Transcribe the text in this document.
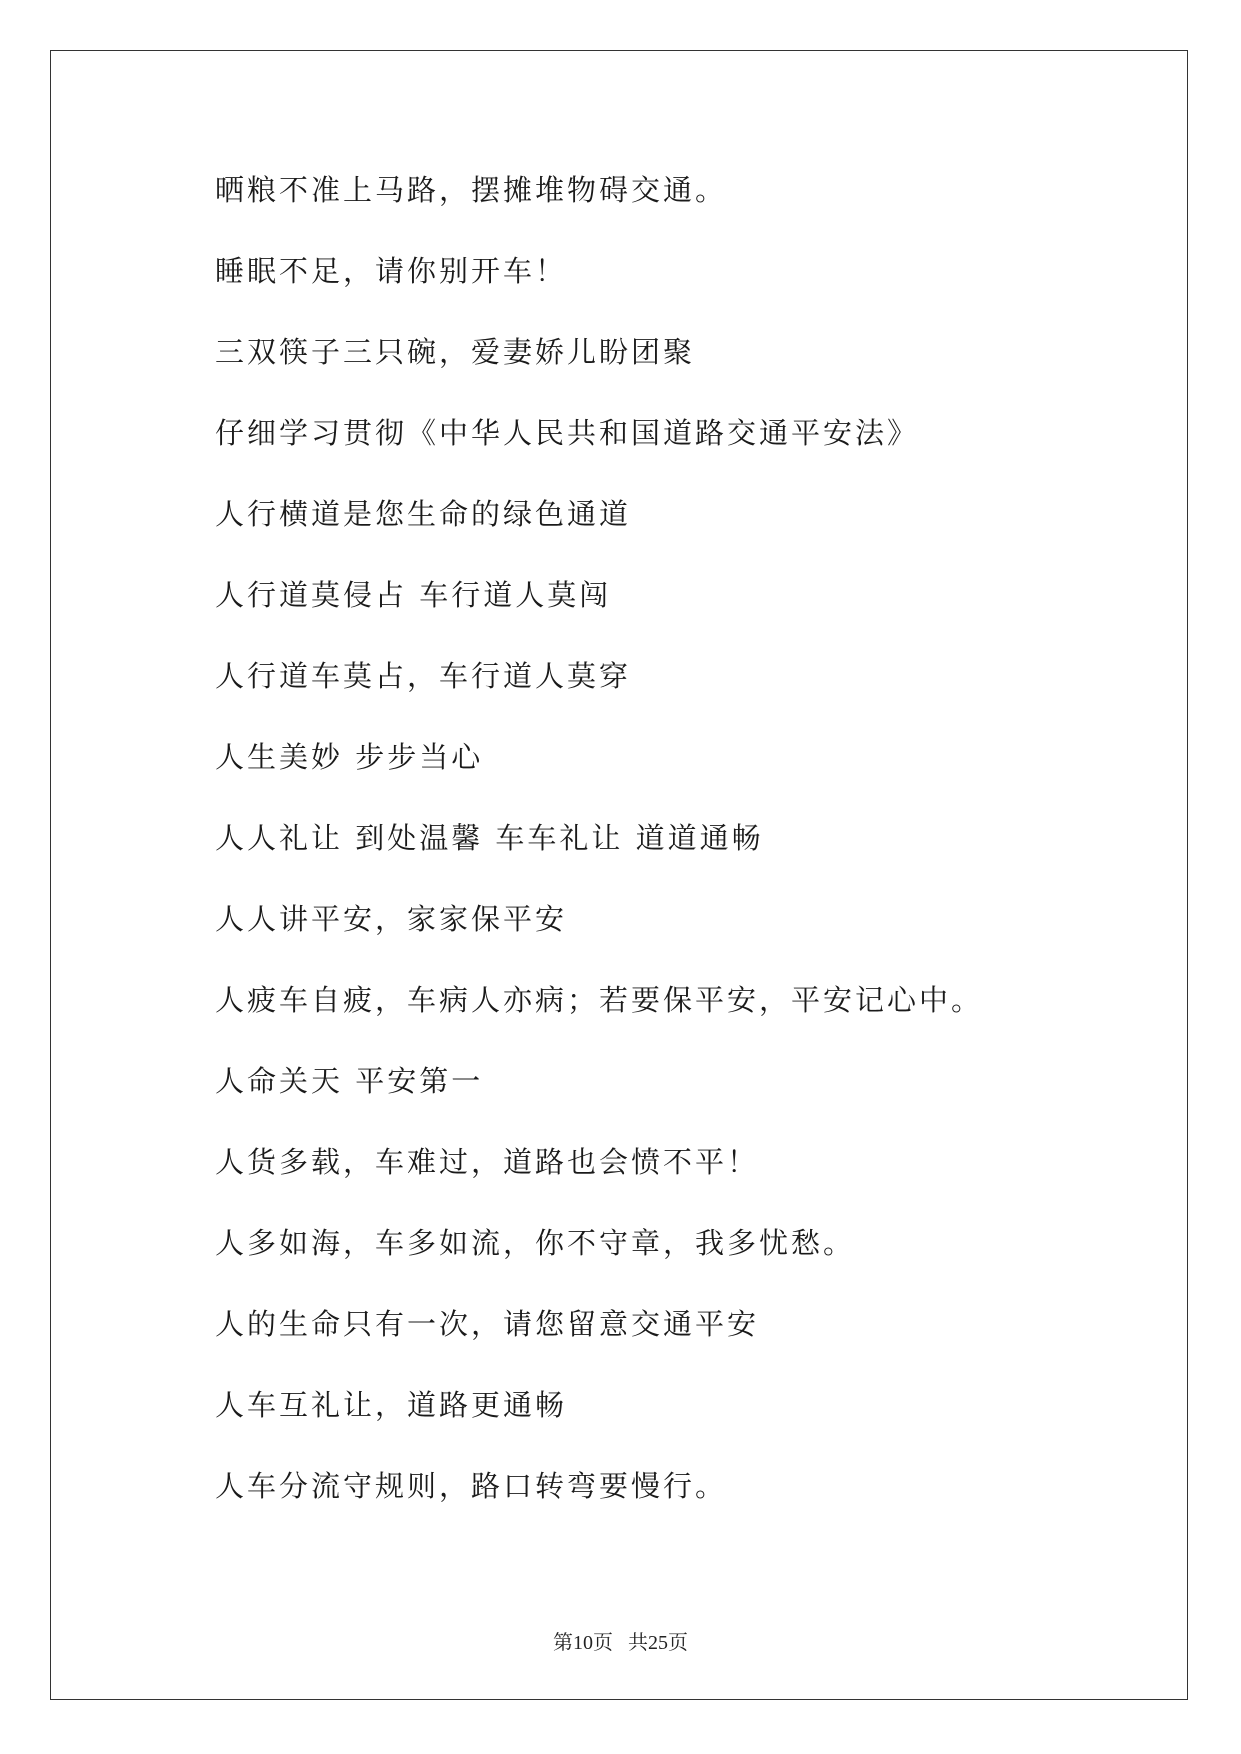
晒粮不准上马路，摆摊堆物碍交通。
睡眠不足，请你别开车！
三双筷子三只碗，爱妻娇儿盼团聚
仔细学习贯彻《中华人民共和国道路交通平安法》
人行横道是您生命的绿色通道
人行道莫侵占 车行道人莫闯
人行道车莫占，车行道人莫穿
人生美妙 步步当心
人人礼让 到处温馨 车车礼让 道道通畅
人人讲平安，家家保平安
人疲车自疲，车病人亦病；若要保平安，平安记心中。
人命关天 平安第一
人货多载，车难过，道路也会愤不平！
人多如海，车多如流，你不守章，我多忧愁。
人的生命只有一次，请您留意交通平安
人车互礼让，道路更通畅
人车分流守规则，路口转弯要慢行。
第10页 共25页
